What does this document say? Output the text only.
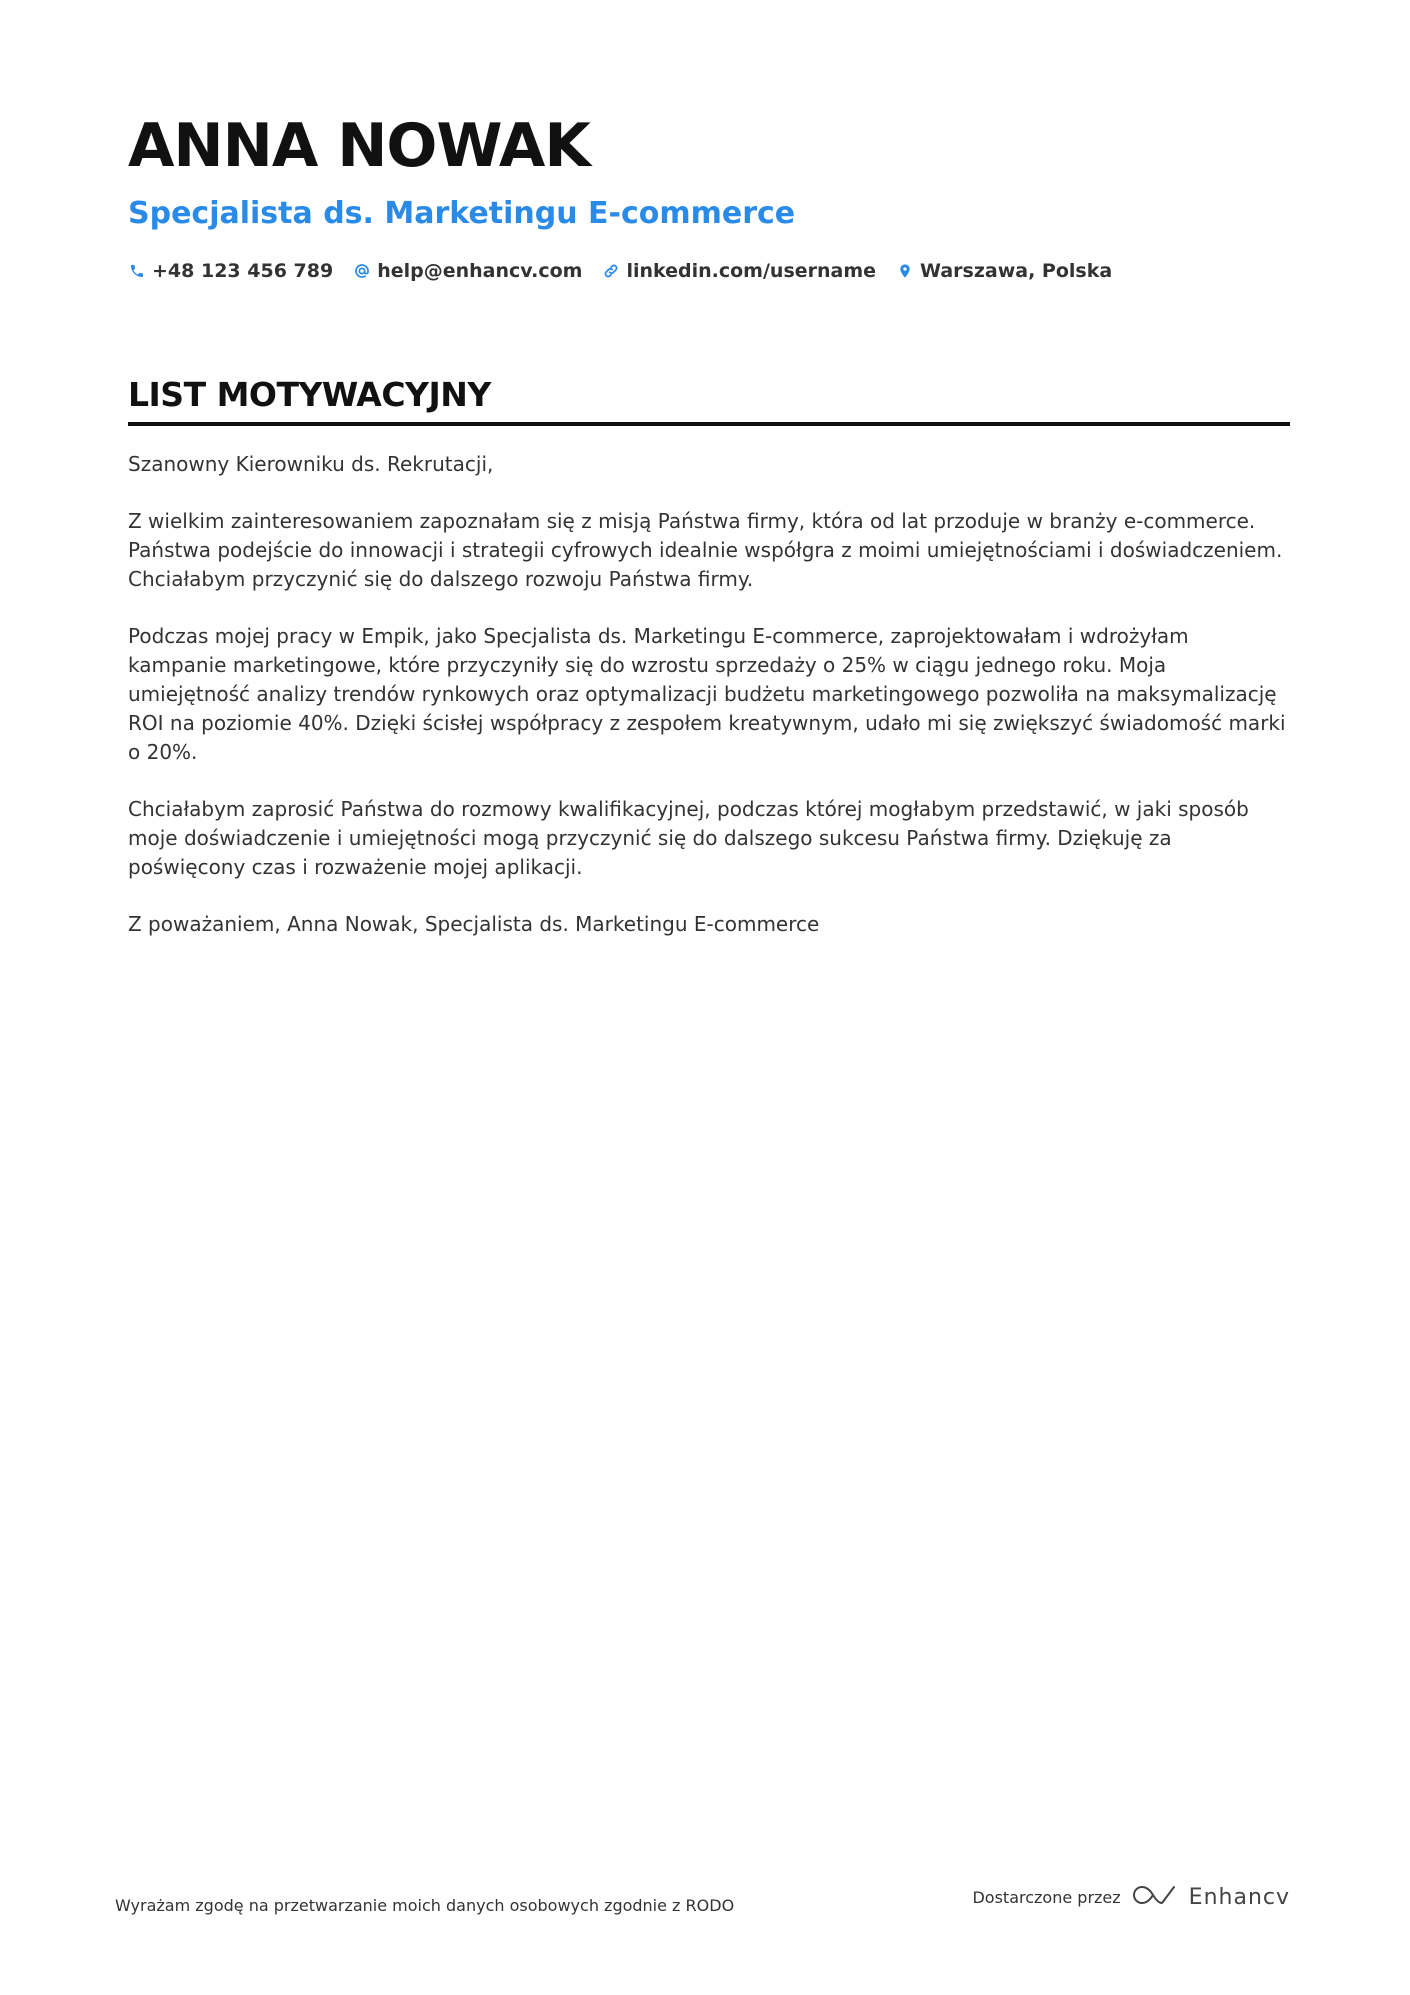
ANNA NOWAK
Specjalista ds. Marketingu E-commerce
+48 123 456 789 help@enhancv.com linkedin.com/username Warszawa, Polska
LIST MOTYWACYJNY

Szanowny Kierowniku ds. Rekrutacji,

Z wielkim zainteresowaniem zapoznałam się z misją Państwa firmy, która od lat przoduje w branży e-commerce. Państwa podejście do innowacji i strategii cyfrowych idealnie współgra z moimi umiejętnościami i doświadczeniem. Chciałabym przyczynić się do dalszego rozwoju Państwa firmy.

Podczas mojej pracy w Empik, jako Specjalista ds. Marketingu E-commerce, zaprojektowałam i wdrożyłam kampanie marketingowe, które przyczyniły się do wzrostu sprzedaży o 25% w ciągu jednego roku. Moja umiejętność analizy trendów rynkowych oraz optymalizacji budżetu marketingowego pozwoliła na maksymalizację ROI na poziomie 40%. Dzięki ścisłej współpracy z zespołem kreatywnym, udało mi się zwiększyć świadomość marki o 20%.

Chciałabym zaprosić Państwa do rozmowy kwalifikacyjnej, podczas której mogłabym przedstawić, w jaki sposób moje doświadczenie i umiejętności mogą przyczynić się do dalszego sukcesu Państwa firmy. Dziękuję za poświęcony czas i rozważenie mojej aplikacji.

Z poważaniem, Anna Nowak, Specjalista ds. Marketingu E-commerce

Wyrażam zgodę na przetwarzanie moich danych osobowych zgodnie z RODO	Dostarczone przez	Enhancv
